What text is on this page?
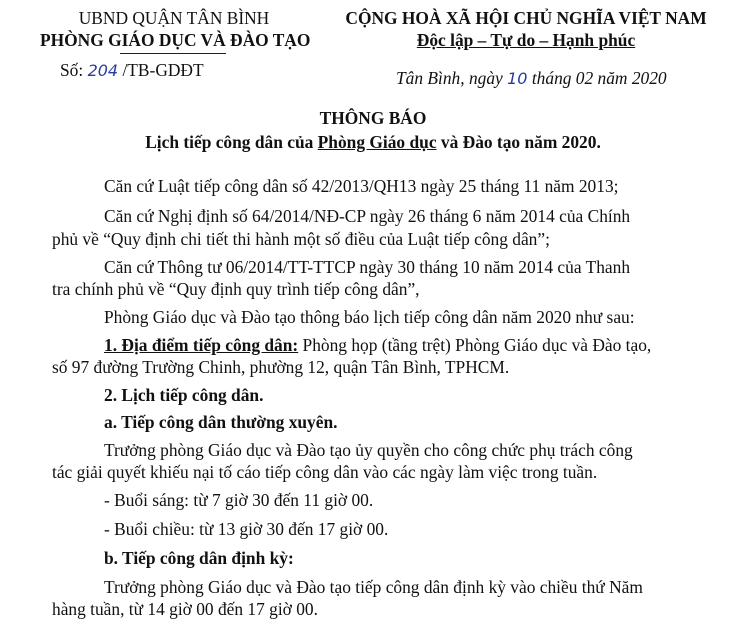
UBND QUẬN TÂN BÌNH
PHÒNG GIÁO DỤC VÀ ĐÀO TẠO
Số: 204 /TB-GDĐT
CỘNG HOÀ XÃ HỘI CHỦ NGHĨA VIỆT NAM
Độc lập – Tự do – Hạnh phúc
Tân Bình, ngày 10 tháng 02 năm 2020
THÔNG BÁO
Lịch tiếp công dân của Phòng Giáo dục và Đào tạo năm 2020.
Căn cứ Luật tiếp công dân số 42/2013/QH13 ngày 25 tháng 11 năm 2013;
Căn cứ Nghị định số 64/2014/NĐ-CP ngày 26 tháng 6 năm 2014 của Chính
phủ về “Quy định chi tiết thi hành một số điều của Luật tiếp công dân”;
Căn cứ Thông tư 06/2014/TT-TTCP ngày 30 tháng 10 năm 2014 của Thanh
tra chính phủ về “Quy định quy trình tiếp công dân”,
Phòng Giáo dục và Đào tạo thông báo lịch tiếp công dân năm 2020 như sau:
1. Địa điểm tiếp công dân: Phòng họp (tầng trệt) Phòng Giáo dục và Đào tạo,
số 97 đường Trường Chinh, phường 12, quận Tân Bình, TPHCM.
2. Lịch tiếp công dân.
a. Tiếp công dân thường xuyên.
Trưởng phòng Giáo dục và Đào tạo ủy quyền cho công chức phụ trách công
tác giải quyết khiếu nại tố cáo tiếp công dân vào các ngày làm việc trong tuần.
- Buổi sáng: từ 7 giờ 30 đến 11 giờ 00.
- Buổi chiều: từ 13 giờ 30 đến 17 giờ 00.
b. Tiếp công dân định kỳ:
Trưởng phòng Giáo dục và Đào tạo tiếp công dân định kỳ vào chiều thứ Năm
hàng tuần, từ 14 giờ 00 đến 17 giờ 00.
